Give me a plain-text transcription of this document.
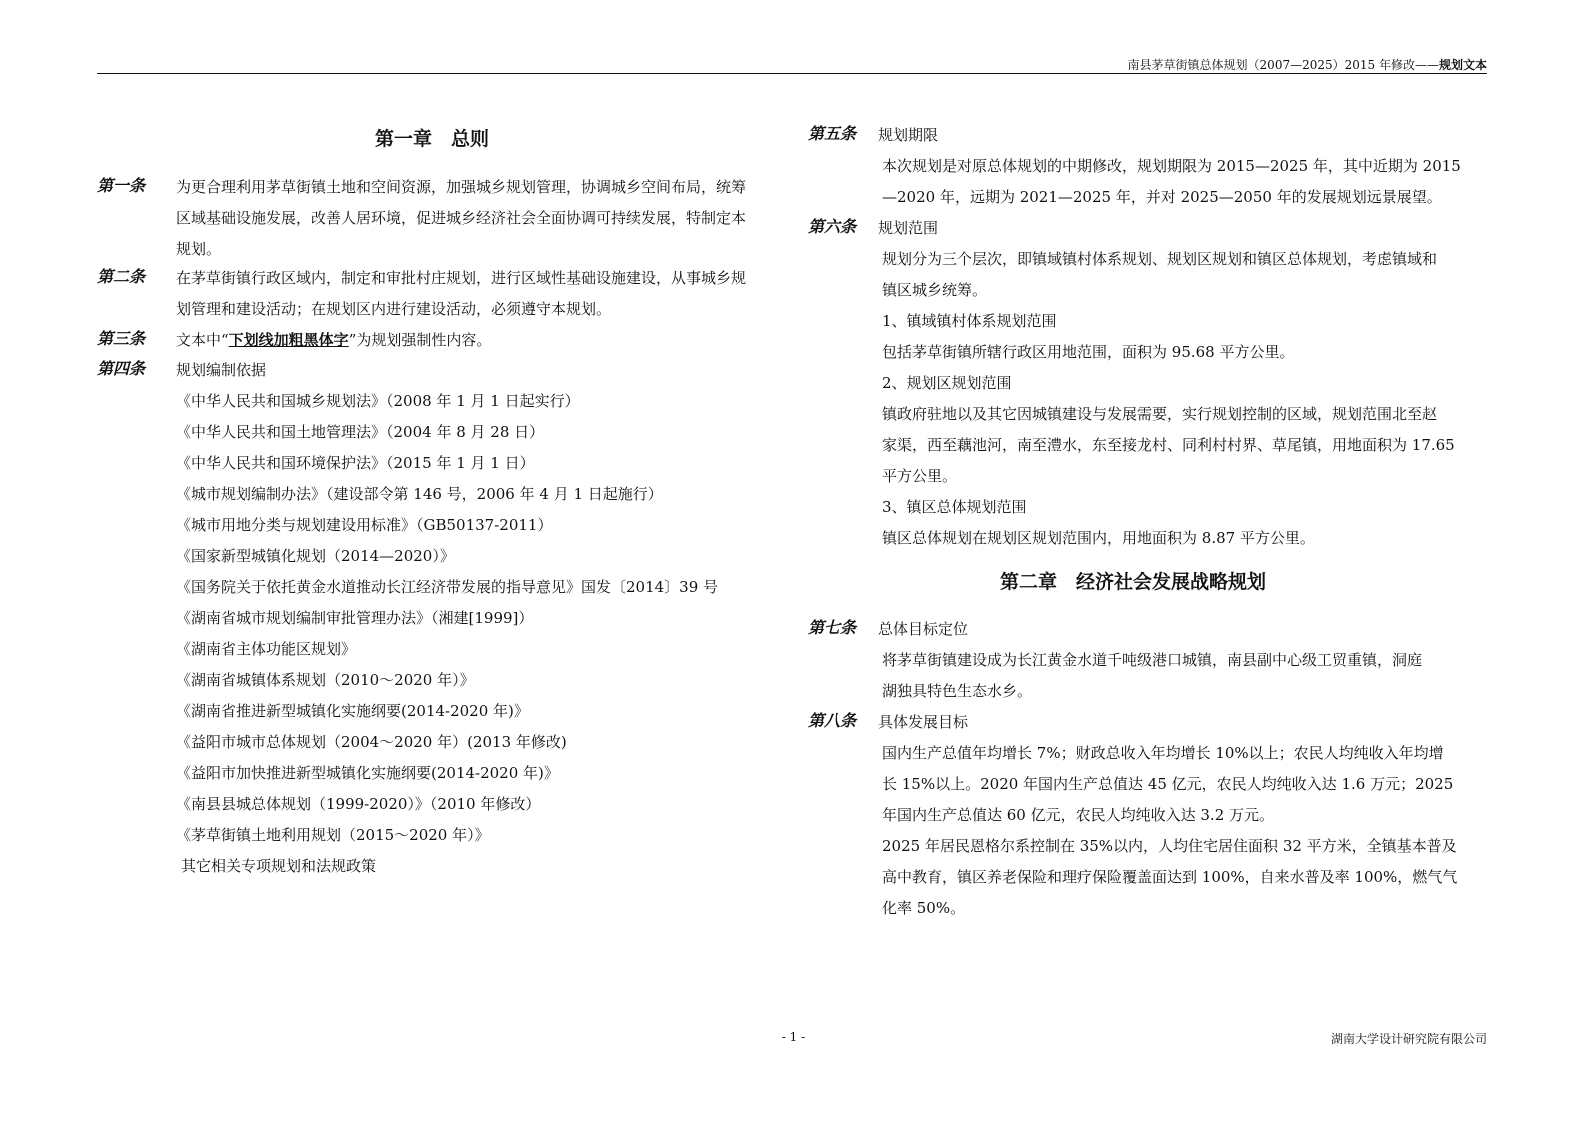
南县茅草街镇总体规划（2007—2025）2015 年修改——规划文本
第一章　总则
第一条 为更合理利用茅草街镇土地和空间资源，加强城乡规划管理，协调城乡空间布局，统筹
区域基础设施发展，改善人居环境，促进城乡经济社会全面协调可持续发展，特制定本
规划。
第二条 在茅草街镇行政区域内，制定和审批村庄规划，进行区域性基础设施建设，从事城乡规
划管理和建设活动；在规划区内进行建设活动，必须遵守本规划。
第三条 文本中“下划线加粗黑体字”为规划强制性内容。
第四条 规划编制依据
《中华人民共和国城乡规划法》（2008 年 1 月 1 日起实行）
《中华人民共和国土地管理法》（2004 年 8 月 28 日）
《中华人民共和国环境保护法》（2015 年 1 月 1 日）
《城市规划编制办法》（建设部令第 146 号，2006 年 4 月 1 日起施行）
《城市用地分类与规划建设用标准》（GB50137-2011）
《国家新型城镇化规划（2014—2020）》
《国务院关于依托黄金水道推动长江经济带发展的指导意见》国发〔2014〕39 号
《湖南省城市规划编制审批管理办法》（湘建[1999]）
《湖南省主体功能区规划》
《湖南省城镇体系规划（2010～2020 年）》
《湖南省推进新型城镇化实施纲要(2014-2020 年)》
《益阳市城市总体规划（2004～2020 年）(2013 年修改)
《益阳市加快推进新型城镇化实施纲要(2014-2020 年)》
《南县县城总体规划（1999-2020）》（2010 年修改）
《茅草街镇土地利用规划（2015～2020 年）》
其它相关专项规划和法规政策
第五条 规划期限
本次规划是对原总体规划的中期修改，规划期限为 2015—2025 年，其中近期为 2015
—2020 年，远期为 2021—2025 年，并对 2025—2050 年的发展规划远景展望。
第六条 规划范围
规划分为三个层次，即镇域镇村体系规划、规划区规划和镇区总体规划，考虑镇域和
镇区城乡统筹。
1、镇域镇村体系规划范围
包括茅草街镇所辖行政区用地范围，面积为 95.68 平方公里。
2、规划区规划范围
镇政府驻地以及其它因城镇建设与发展需要，实行规划控制的区域，规划范围北至赵
家渠，西至藕池河，南至澧水，东至接龙村、同利村村界、草尾镇，用地面积为 17.65
平方公里。
3、镇区总体规划范围
镇区总体规划在规划区规划范围内，用地面积为 8.87 平方公里。
第二章　经济社会发展战略规划
第七条 总体目标定位
将茅草街镇建设成为长江黄金水道千吨级港口城镇，南县副中心级工贸重镇，洞庭
湖独具特色生态水乡。
第八条 具体发展目标
国内生产总值年均增长 7%；财政总收入年均增长 10%以上；农民人均纯收入年均增
长 15%以上。2020 年国内生产总值达 45 亿元，农民人均纯收入达 1.6 万元；2025
年国内生产总值达 60 亿元，农民人均纯收入达 3.2 万元。
2025 年居民恩格尔系控制在 35%以内，人均住宅居住面积 32 平方米，全镇基本普及
高中教育，镇区养老保险和理疗保险覆盖面达到 100%，自来水普及率 100%，燃气气
化率 50%。
- 1 -	湖南大学设计研究院有限公司
